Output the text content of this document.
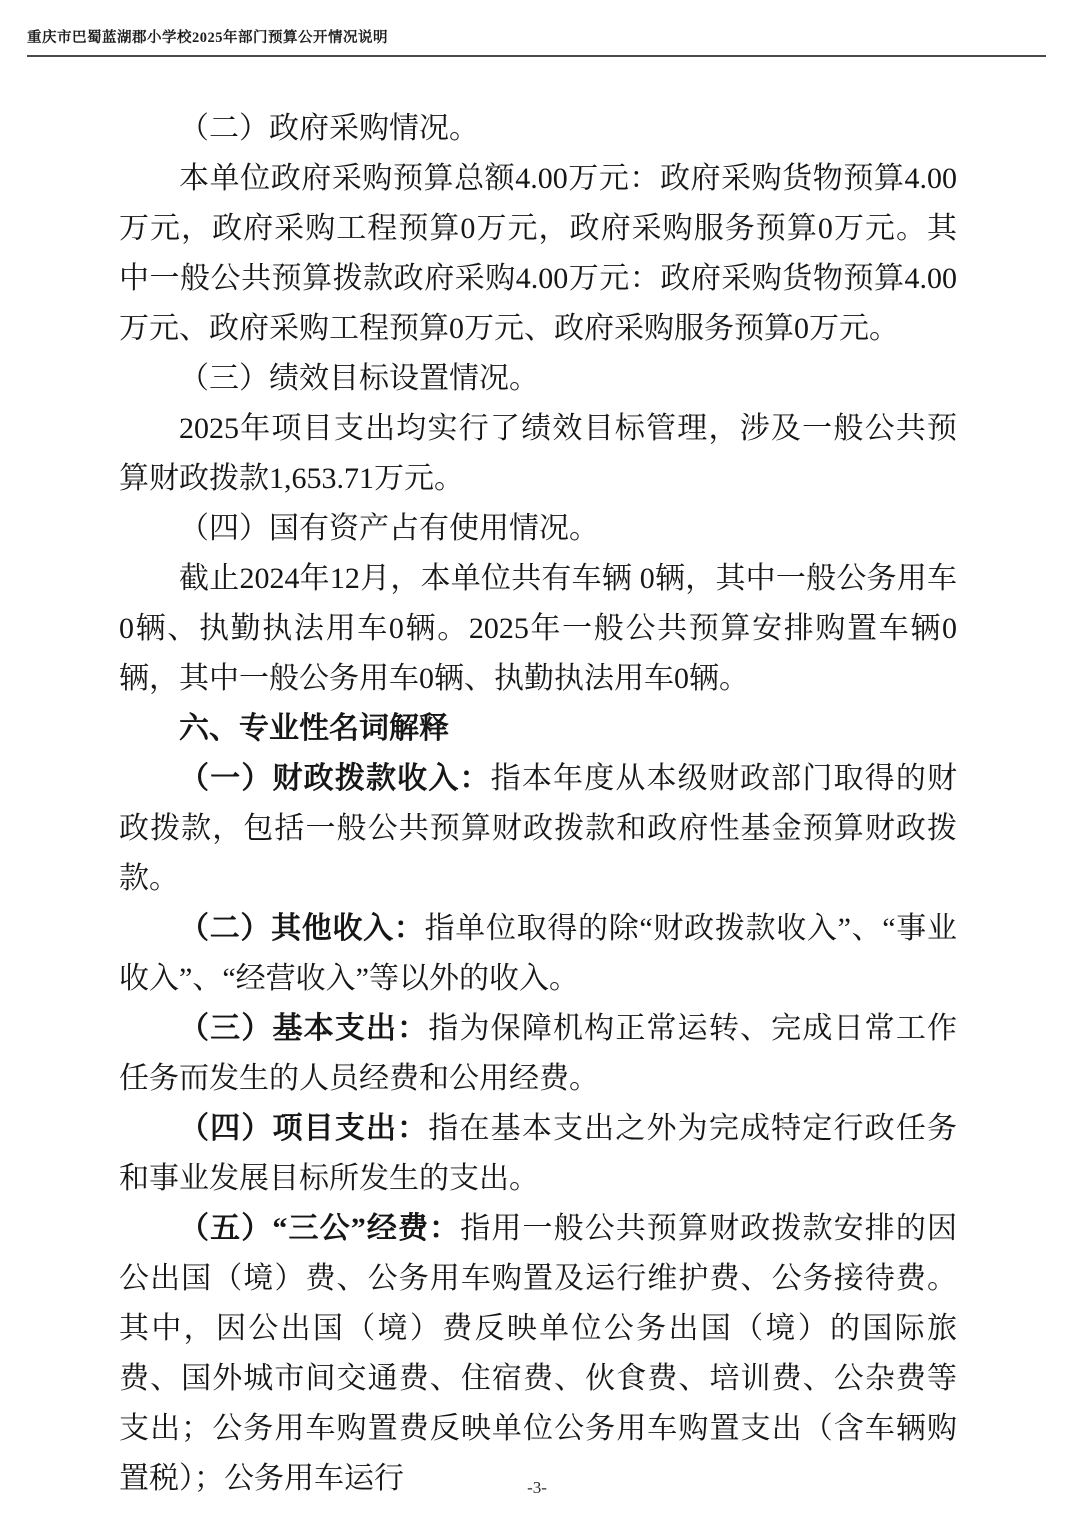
重庆市巴蜀蓝湖郡小学校2025年部门预算公开情况说明

（二）政府采购情况。

本单位政府采购预算总额4.00万元：政府采购货物预算4.00万元，政府采购工程预算0万元，政府采购服务预算0万元。其中一般公共预算拨款政府采购4.00万元：政府采购货物预算4.00万元、政府采购工程预算0万元、政府采购服务预算0万元。

（三）绩效目标设置情况。

2025年项目支出均实行了绩效目标管理，涉及一般公共预算财政拨款1,653.71万元。

（四）国有资产占有使用情况。

截止2024年12月，本单位共有车辆 0辆，其中一般公务用车0辆、执勤执法用车0辆。2025年一般公共预算安排购置车辆0辆，其中一般公务用车0辆、执勤执法用车0辆。

六、专业性名词解释

（一）财政拨款收入：指本年度从本级财政部门取得的财政拨款，包括一般公共预算财政拨款和政府性基金预算财政拨款。

（二）其他收入：指单位取得的除“财政拨款收入”、“事业收入”、“经营收入”等以外的收入。

（三）基本支出：指为保障机构正常运转、完成日常工作任务而发生的人员经费和公用经费。

（四）项目支出：指在基本支出之外为完成特定行政任务和事业发展目标所发生的支出。

（五）“三公”经费：指用一般公共预算财政拨款安排的因公出国（境）费、公务用车购置及运行维护费、公务接待费。其中，因公出国（境）费反映单位公务出国（境）的国际旅费、国外城市间交通费、住宿费、伙食费、培训费、公杂费等支出；公务用车购置费反映单位公务用车购置支出（含车辆购置税）；公务用车运行	-3-
